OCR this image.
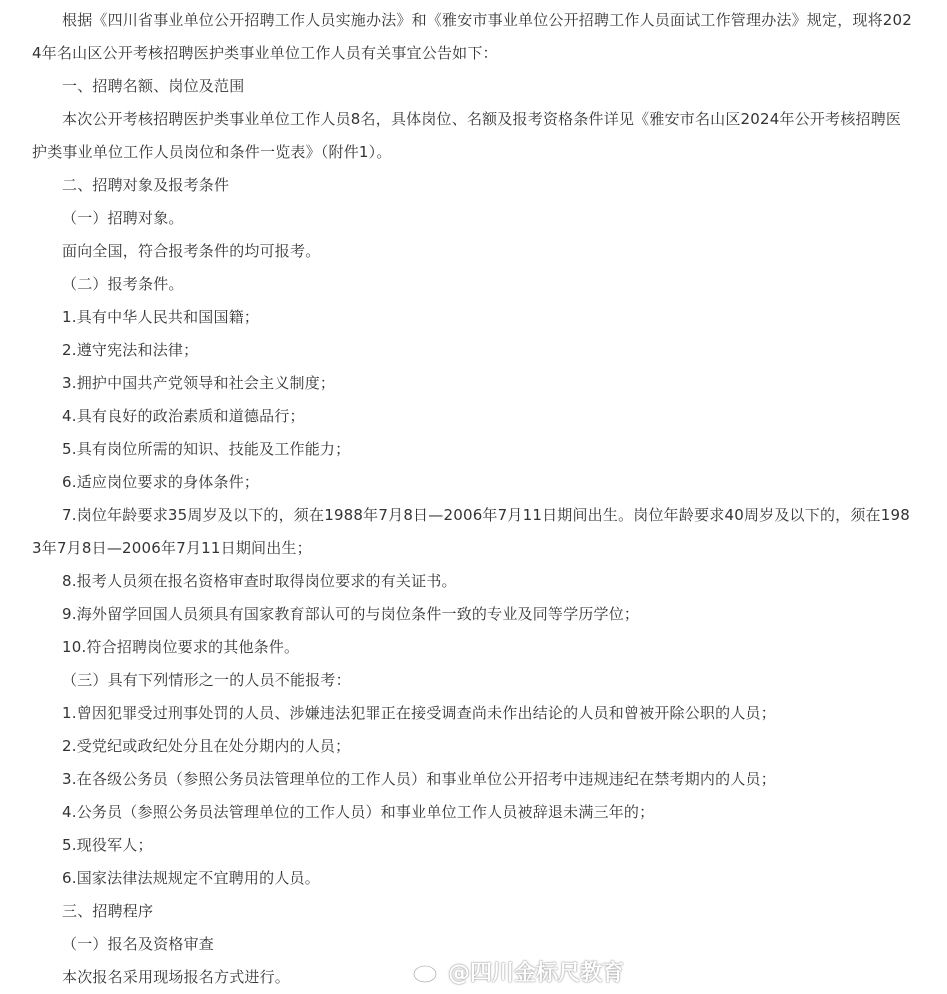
根据《四川省事业单位公开招聘工作人员实施办法》和《雅安市事业单位公开招聘工作人员面试工作管理办法》规定，现将2024年名山区公开考核招聘医护类事业单位工作人员有关事宜公告如下：

一、招聘名额、岗位及范围

本次公开考核招聘医护类事业单位工作人员8名，具体岗位、名额及报考资格条件详见《雅安市名山区2024年公开考核招聘医护类事业单位工作人员岗位和条件一览表》（附件1）。

二、招聘对象及报考条件

（一）招聘对象。

面向全国，符合报考条件的均可报考。

（二）报考条件。

1.具有中华人民共和国国籍；

2.遵守宪法和法律；

3.拥护中国共产党领导和社会主义制度；

4.具有良好的政治素质和道德品行；

5.具有岗位所需的知识、技能及工作能力；

6.适应岗位要求的身体条件；

7.岗位年龄要求35周岁及以下的，须在1988年7月8日—2006年7月11日期间出生。岗位年龄要求40周岁及以下的，须在1983年7月8日—2006年7月11日期间出生；

8.报考人员须在报名资格审查时取得岗位要求的有关证书。

9.海外留学回国人员须具有国家教育部认可的与岗位条件一致的专业及同等学历学位；

10.符合招聘岗位要求的其他条件。

（三）具有下列情形之一的人员不能报考：

1.曾因犯罪受过刑事处罚的人员、涉嫌违法犯罪正在接受调查尚未作出结论的人员和曾被开除公职的人员；

2.受党纪或政纪处分且在处分期内的人员；

3.在各级公务员（参照公务员法管理单位的工作人员）和事业单位公开招考中违规违纪在禁考期内的人员；

4.公务员（参照公务员法管理单位的工作人员）和事业单位工作人员被辞退未满三年的；

5.现役军人；

6.国家法律法规规定不宜聘用的人员。

三、招聘程序

（一）报名及资格审查

本次报名采用现场报名方式进行。	@四川金标尺教育
